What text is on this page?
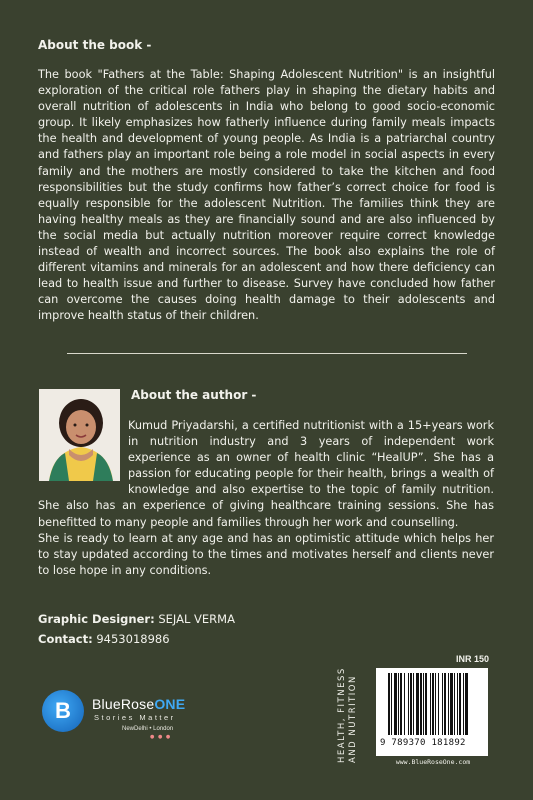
About the book -
The book "Fathers at the Table: Shaping Adolescent Nutrition" is an insightful exploration of the critical role fathers play in shaping the dietary habits and overall nutrition of adolescents in India who belong to good socio-economic group. It likely emphasizes how fatherly influence during family meals impacts the health and development of young people. As India is a patriarchal country and fathers play an important role being a role model in social aspects in every family and the mothers are mostly considered to take the kitchen and food responsibilities but the study confirms how father’s correct choice for food is equally responsible for the adolescent Nutrition. The families think they are having healthy meals as they are financially sound and are also influenced by the social media but actually nutrition moreover require correct knowledge instead of wealth and incorrect sources. The book also explains the role of different vitamins and minerals for an adolescent and how there deficiency can lead to health issue and further to disease. Survey have concluded how father can overcome the causes doing health damage to their adolescents and improve health status of their children.
About the author -

Kumud Priyadarshi, a certified nutritionist with a 15+years work in nutrition industry and 3 years of independent work experience as an owner of health clinic “HealUP”. She has a passion for educating people for their health, brings a wealth of knowledge and also expertise to the topic of family nutrition. She also has an experience of giving healthcare training sessions. She has benefitted to many people and families through her work and counselling.

She is ready to learn at any age and has an optimistic attitude which helps her to stay updated according to the times and motivates herself and clients never to lose hope in any conditions.

Graphic Designer: SEJAL VERMA
Contact: 9453018986
B	BlueRoseONE
Stories Matter
NewDelhi • London
● ● ●	HEALTH, FITNESS AND NUTRITION
INR 150
9 789370 181892
www.BlueRoseOne.com
